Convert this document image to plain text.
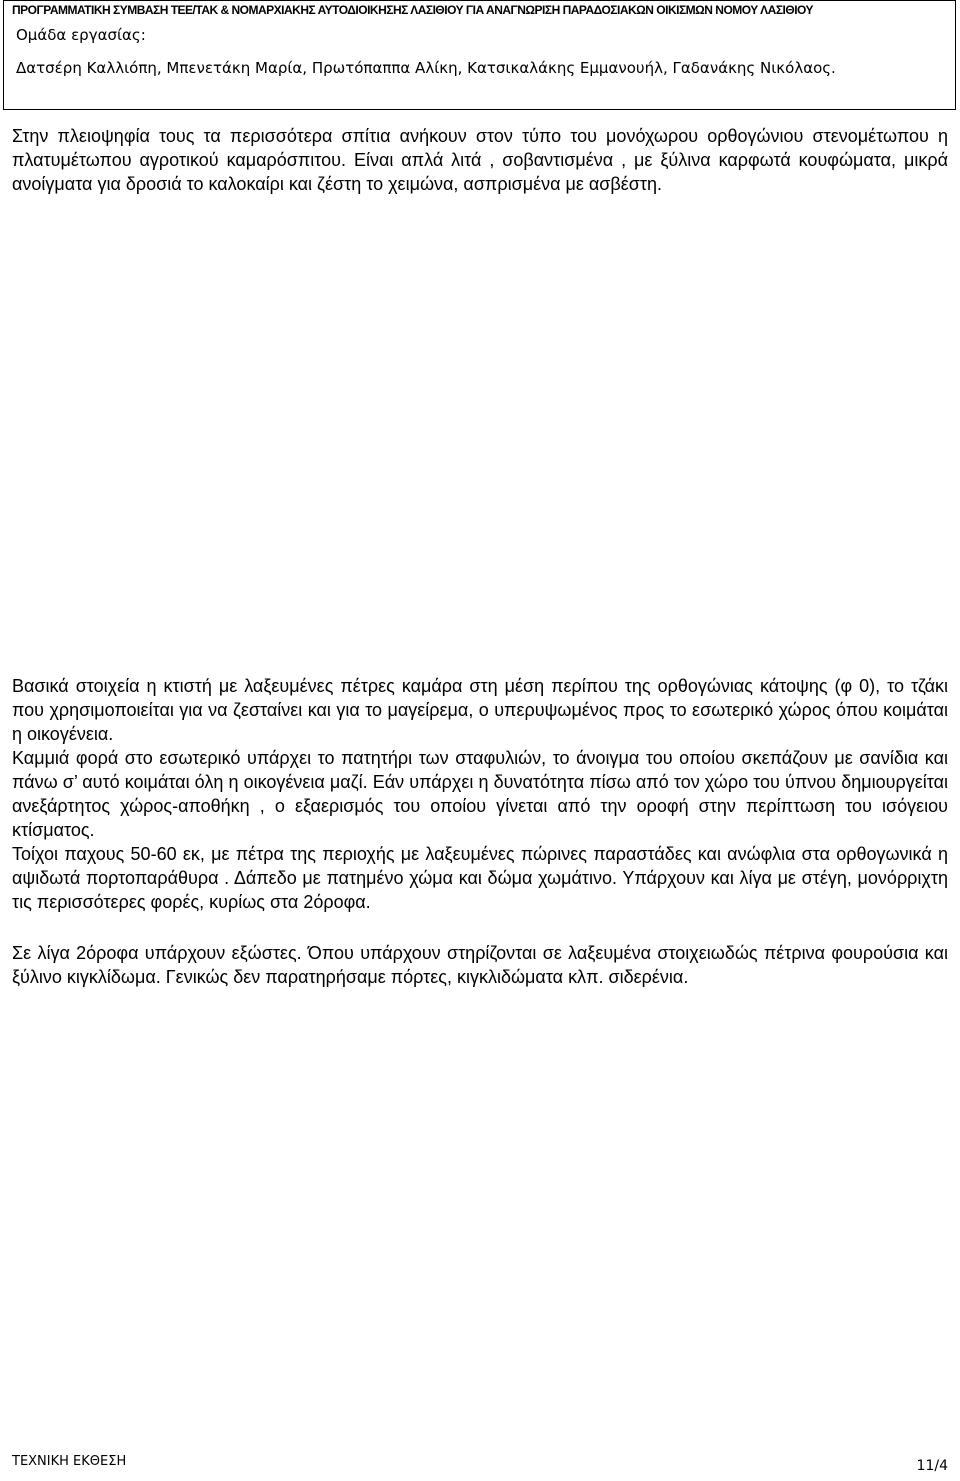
ΠΡΟΓΡΑΜΜΑΤΙΚΗ ΣΥΜΒΑΣΗ ΤΕΕ/ΤΑΚ & ΝΟΜΑΡΧΙΑΚΗΣ ΑΥΤΟΔΙΟΙΚΗΣΗΣ ΛΑΣΙΘΙΟΥ ΓΙΑ ΑΝΑΓΝΩΡΙΣΗ ΠΑΡΑΔΟΣΙΑΚΩΝ ΟΙΚΙΣΜΩΝ ΝΟΜΟΥ ΛΑΣΙΘΙΟΥ

Ομάδα εργασίας:

Δατσέρη Καλλιόπη, Μπενετάκη Μαρία, Πρωτόπαππα Αλίκη, Κατσικαλάκης Εμμανουήλ, Γαδανάκης Νικόλαος.

Στην πλειοψηφία τους τα περισσότερα σπίτια ανήκουν στον τύπο του μονόχωρου ορθογώνιου στενομέτωπου η πλατυμέτωπου αγροτικού καμαρόσπιτου. Είναι απλά λιτά , σοβαντισμένα , με ξύλινα καρφωτά κουφώματα, μικρά ανοίγματα για δροσιά το καλοκαίρι και ζέστη το χειμώνα, ασπρισμένα με ασβέστη.

Βασικά στοιχεία η κτιστή με λαξευμένες πέτρες καμάρα στη μέση περίπου της ορθογώνιας κάτοψης (φ 0), το τζάκι που χρησιμοποιείται για να ζεσταίνει και για το μαγείρεμα, ο υπερυψωμένος προς το εσωτερικό χώρος όπου κοιμάται η οικογένεια.
Καμμιά φορά στο εσωτερικό υπάρχει το πατητήρι των σταφυλιών, το άνοιγμα του οποίου σκεπάζουν με σανίδια και πάνω σ’ αυτό κοιμάται όλη η οικογένεια μαζί. Εάν υπάρχει η δυνατότητα πίσω από τον χώρο του ύπνου δημιουργείται ανεξάρτητος χώρος-αποθήκη , ο εξαερισμός του οποίου γίνεται από την οροφή στην περίπτωση του ισόγειου κτίσματος.
Τοίχοι παχους 50-60 εκ, με πέτρα της περιοχής με λαξευμένες πώρινες παραστάδες και ανώφλια στα ορθογωνικά η αψιδωτά πορτοπαράθυρα . Δάπεδο με πατημένο χώμα και δώμα χωμάτινο. Υπάρχουν και λίγα με στέγη, μονόρριχτη τις περισσότερες φορές, κυρίως στα 2όροφα.

Σε λίγα 2όροφα υπάρχουν εξώστες. Όπου υπάρχουν στηρίζονται σε λαξευμένα στοιχειωδώς πέτρινα φουρούσια και ξύλινο κιγκλίδωμα. Γενικώς δεν παρατηρήσαμε πόρτες, κιγκλιδώματα κλπ. σιδερένια.

ΤΕΧΝΙΚΗ ΕΚΘΕΣΗ	11/4
